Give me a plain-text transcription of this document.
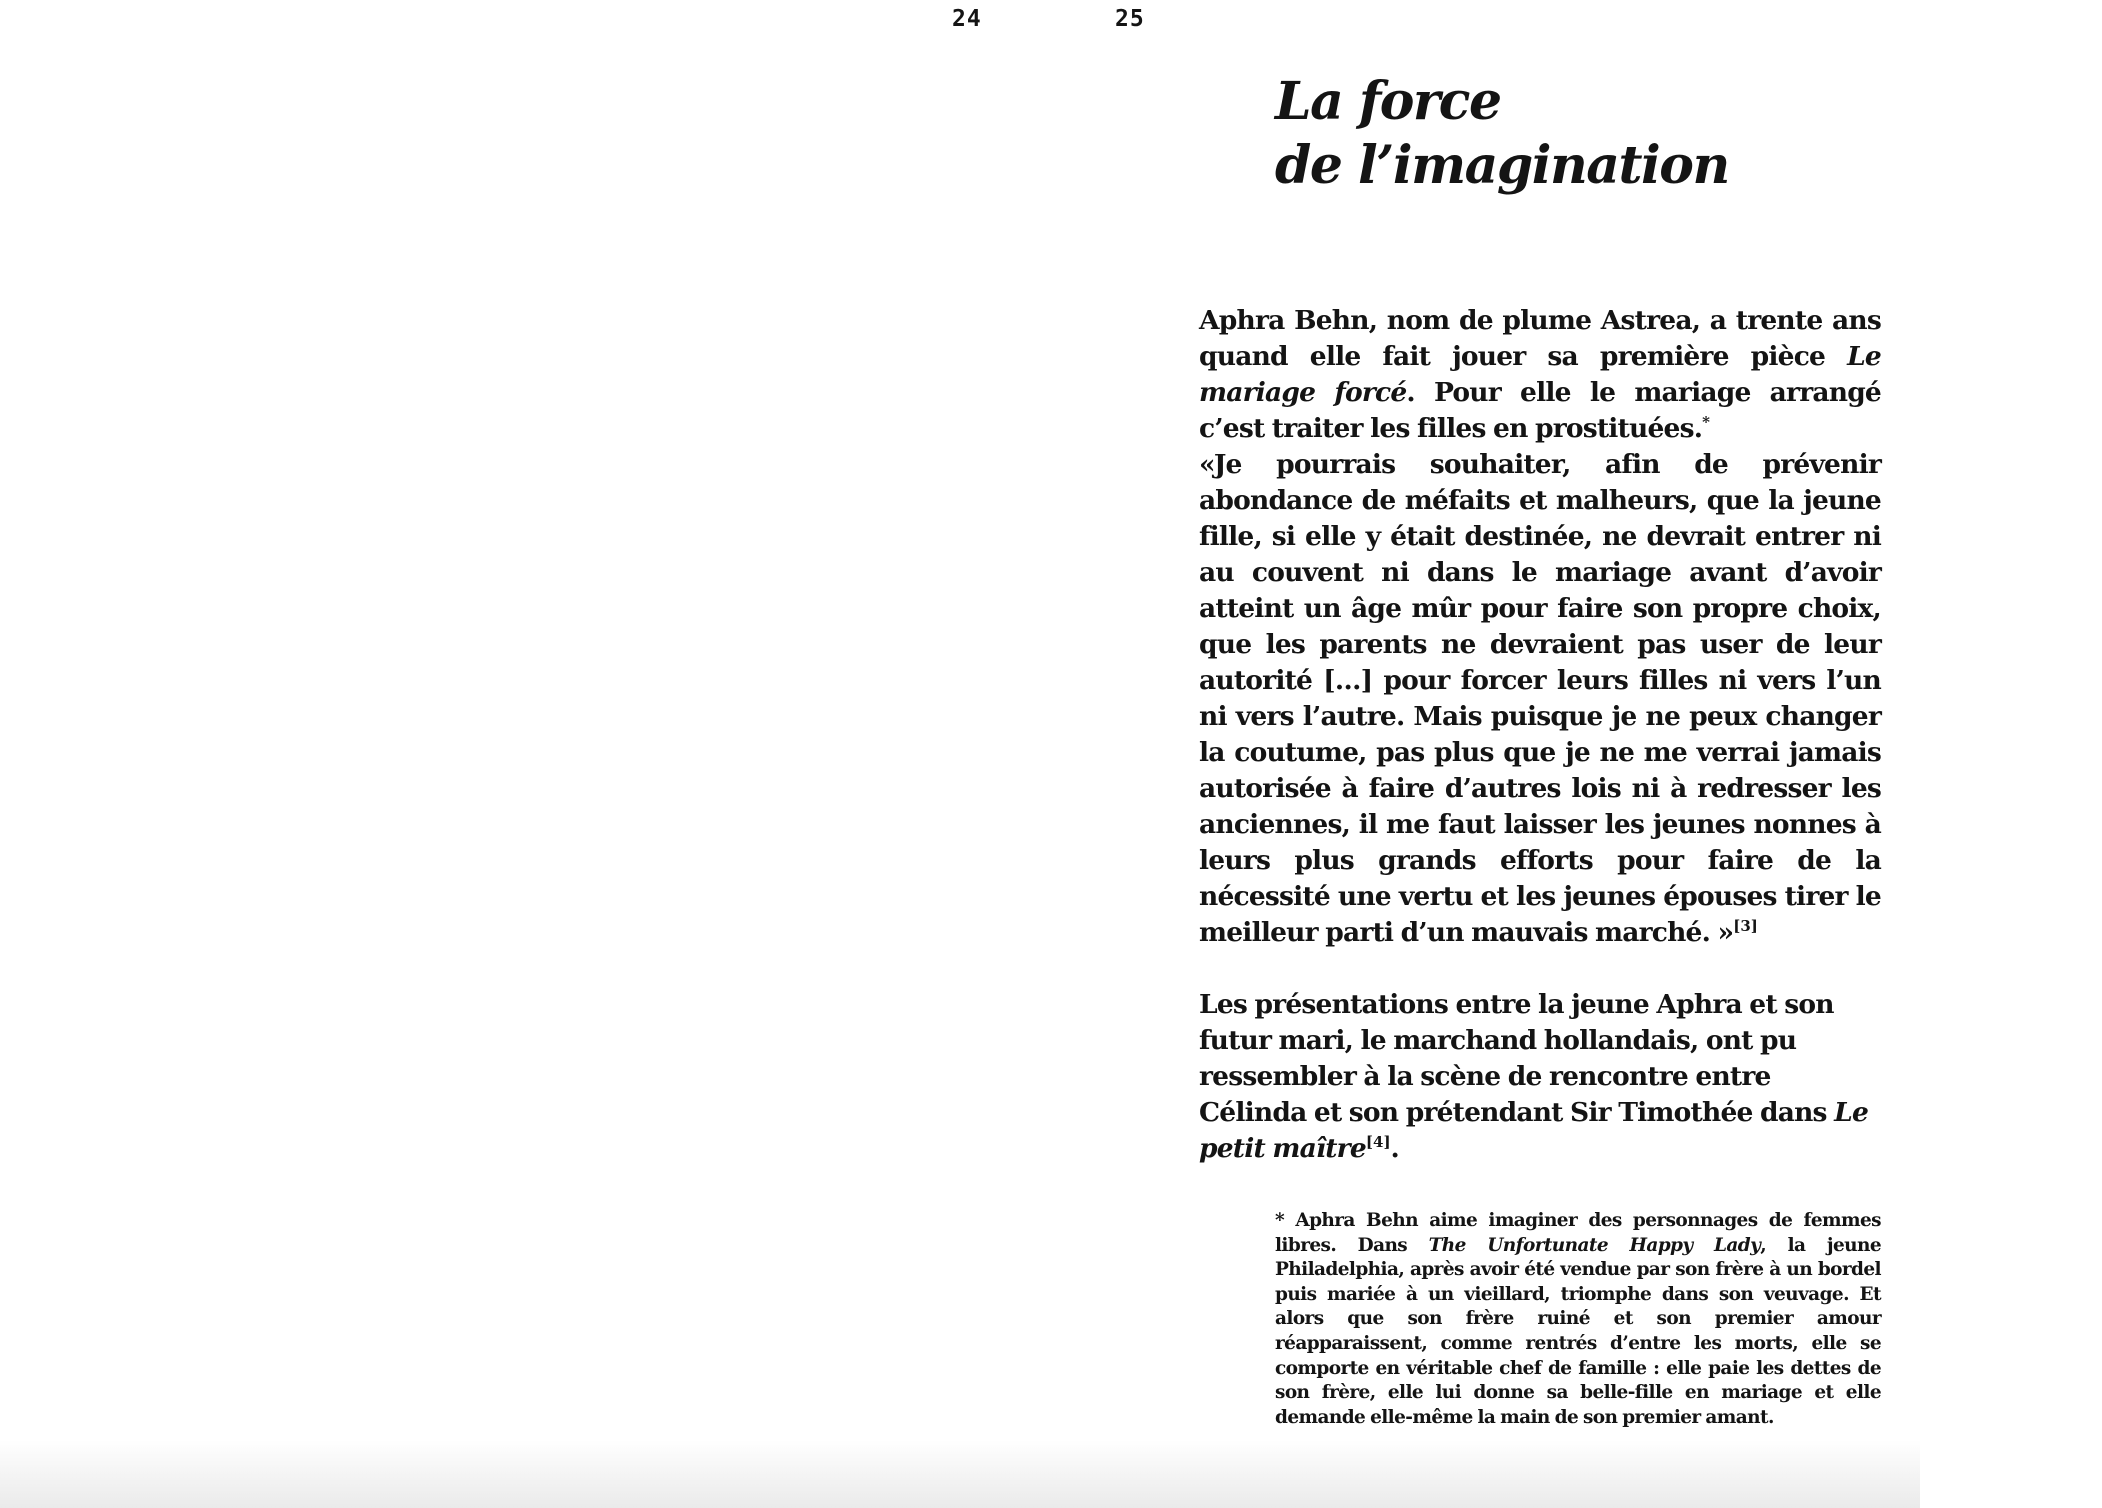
24	25
La force
de l’imagination

Aphra Behn, nom de plume Astrea, a trente ans quand elle fait jouer sa première pièce Le mariage forcé. Pour elle le mariage arrangé c’est traiter les filles en prostituées.*
«Je pourrais souhaiter, afin de prévenir abondance de méfaits et malheurs, que la jeune fille, si elle y était destinée, ne devrait entrer ni au couvent ni dans le mariage avant d’avoir atteint un âge mûr pour faire son propre choix, que les parents ne devraient pas user de leur autorité […] pour forcer leurs filles ni vers l’un ni vers l’autre. Mais puisque je ne peux changer la coutume, pas plus que je ne me verrai jamais autorisée à faire d’autres lois ni à redresser les anciennes, il me faut laisser les jeunes nonnes à leurs plus grands efforts pour faire de la nécessité une vertu et les jeunes épouses tirer le meilleur parti d’un mauvais marché. »[3]

Les présentations entre la jeune Aphra et son futur mari, le marchand hollandais, ont pu ressembler à la scène de rencontre entre Célinda et son prétendant Sir Timothée dans Le petit maître[4].

* Aphra Behn aime imaginer des personnages de femmes libres. Dans The Unfortunate Happy Lady, la jeune Philadelphia, après avoir été vendue par son frère à un bordel puis mariée à un vieillard, triomphe dans son veuvage. Et alors que son frère ruiné et son premier amour réapparaissent, comme rentrés d’entre les morts, elle se comporte en véritable chef de famille : elle paie les dettes de son frère, elle lui donne sa belle-fille en mariage et elle demande elle-même la main de son premier amant.
